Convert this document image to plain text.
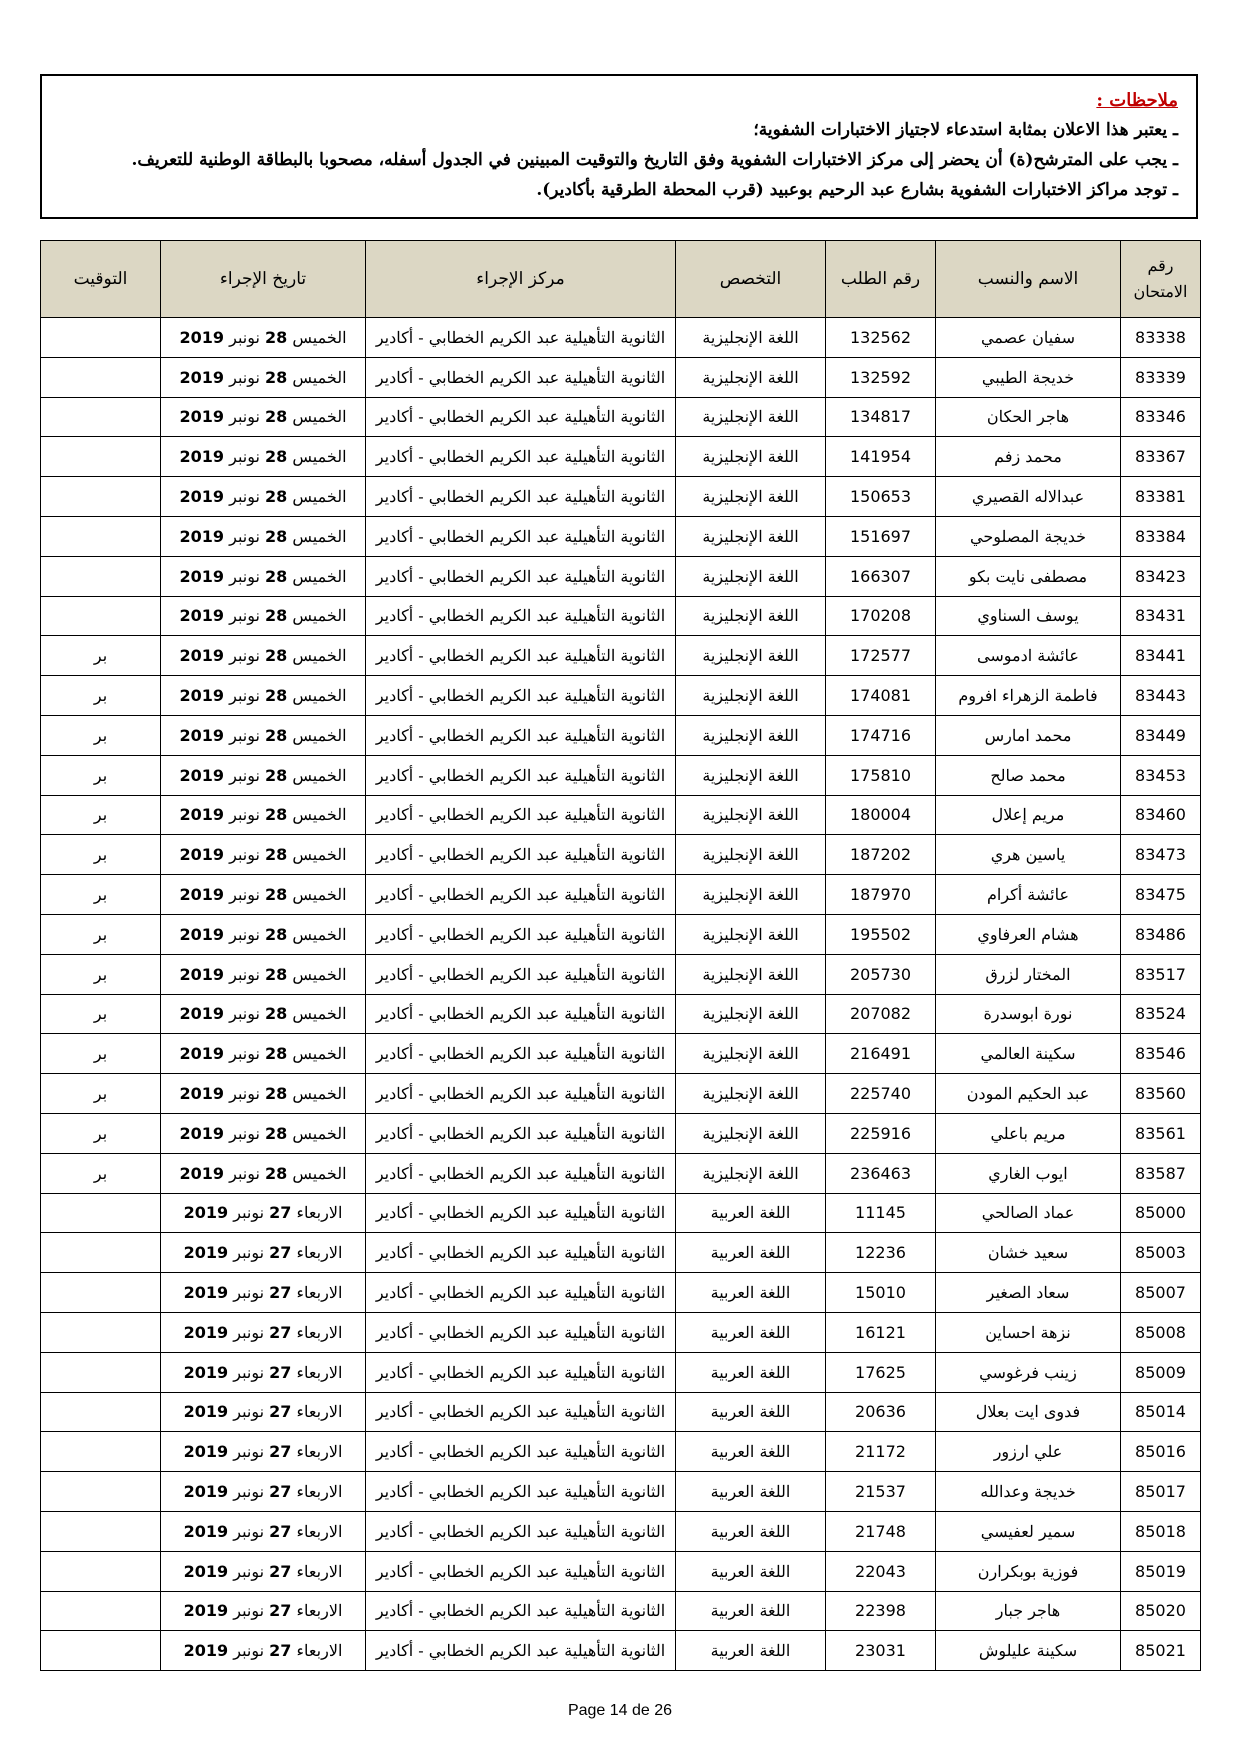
ملاحظات :

ـ يعتبر هذا الاعلان بمثابة استدعاء لاجتياز الاختبارات الشفوية؛

ـ يجب على المترشح(ة) أن يحضر إلى مركز الاختبارات الشفوية وفق التاريخ والتوقيت المبينين في الجدول أسفله، مصحوبا بالبطاقة الوطنية للتعريف.

ـ توجد مراكز الاختبارات الشفوية بشارع عبد الرحيم بوعبيد (قرب المحطة الطرقية بأكادير).

رقم
الامتحان	الاسم والنسب	رقم الطلب	التخصص	مركز الإجراء	تاريخ الإجراء	التوقيت
83338	سفيان عصمي	132562	اللغة الإنجليزية	الثانوية التأهيلية عبد الكريم الخطابي - أكادير	الخميس 28 نونبر 2019	
83339	خديجة الطيبي	132592	اللغة الإنجليزية	الثانوية التأهيلية عبد الكريم الخطابي - أكادير	الخميس 28 نونبر 2019	
83346	هاجر الحكان	134817	اللغة الإنجليزية	الثانوية التأهيلية عبد الكريم الخطابي - أكادير	الخميس 28 نونبر 2019	
83367	محمد زفم	141954	اللغة الإنجليزية	الثانوية التأهيلية عبد الكريم الخطابي - أكادير	الخميس 28 نونبر 2019	
83381	عبدالاله القصيري	150653	اللغة الإنجليزية	الثانوية التأهيلية عبد الكريم الخطابي - أكادير	الخميس 28 نونبر 2019	
83384	خديجة المصلوحي	151697	اللغة الإنجليزية	الثانوية التأهيلية عبد الكريم الخطابي - أكادير	الخميس 28 نونبر 2019	
83423	مصطفى نايت بكو	166307	اللغة الإنجليزية	الثانوية التأهيلية عبد الكريم الخطابي - أكادير	الخميس 28 نونبر 2019	
83431	يوسف السناوي	170208	اللغة الإنجليزية	الثانوية التأهيلية عبد الكريم الخطابي - أكادير	الخميس 28 نونبر 2019	
83441	عائشة ادموسى	172577	اللغة الإنجليزية	الثانوية التأهيلية عبد الكريم الخطابي - أكادير	الخميس 28 نونبر 2019	بر
83443	فاطمة الزهراء افروم	174081	اللغة الإنجليزية	الثانوية التأهيلية عبد الكريم الخطابي - أكادير	الخميس 28 نونبر 2019	بر
83449	محمد امارس	174716	اللغة الإنجليزية	الثانوية التأهيلية عبد الكريم الخطابي - أكادير	الخميس 28 نونبر 2019	بر
83453	محمد صالح	175810	اللغة الإنجليزية	الثانوية التأهيلية عبد الكريم الخطابي - أكادير	الخميس 28 نونبر 2019	بر
83460	مريم إعلال	180004	اللغة الإنجليزية	الثانوية التأهيلية عبد الكريم الخطابي - أكادير	الخميس 28 نونبر 2019	بر
83473	ياسين هري	187202	اللغة الإنجليزية	الثانوية التأهيلية عبد الكريم الخطابي - أكادير	الخميس 28 نونبر 2019	بر
83475	عائشة أكرام	187970	اللغة الإنجليزية	الثانوية التأهيلية عبد الكريم الخطابي - أكادير	الخميس 28 نونبر 2019	بر
83486	هشام العرفاوي	195502	اللغة الإنجليزية	الثانوية التأهيلية عبد الكريم الخطابي - أكادير	الخميس 28 نونبر 2019	بر
83517	المختار لزرق	205730	اللغة الإنجليزية	الثانوية التأهيلية عبد الكريم الخطابي - أكادير	الخميس 28 نونبر 2019	بر
83524	نورة ابوسدرة	207082	اللغة الإنجليزية	الثانوية التأهيلية عبد الكريم الخطابي - أكادير	الخميس 28 نونبر 2019	بر
83546	سكينة العالمي	216491	اللغة الإنجليزية	الثانوية التأهيلية عبد الكريم الخطابي - أكادير	الخميس 28 نونبر 2019	بر
83560	عبد الحكيم المودن	225740	اللغة الإنجليزية	الثانوية التأهيلية عبد الكريم الخطابي - أكادير	الخميس 28 نونبر 2019	بر
83561	مريم باعلي	225916	اللغة الإنجليزية	الثانوية التأهيلية عبد الكريم الخطابي - أكادير	الخميس 28 نونبر 2019	بر
83587	ايوب الغاري	236463	اللغة الإنجليزية	الثانوية التأهيلية عبد الكريم الخطابي - أكادير	الخميس 28 نونبر 2019	بر
85000	عماد الصالحي	11145	اللغة العربية	الثانوية التأهيلية عبد الكريم الخطابي - أكادير	الاربعاء 27 نونبر 2019	
85003	سعيد خشان	12236	اللغة العربية	الثانوية التأهيلية عبد الكريم الخطابي - أكادير	الاربعاء 27 نونبر 2019	
85007	سعاد الصغير	15010	اللغة العربية	الثانوية التأهيلية عبد الكريم الخطابي - أكادير	الاربعاء 27 نونبر 2019	
85008	نزهة احساين	16121	اللغة العربية	الثانوية التأهيلية عبد الكريم الخطابي - أكادير	الاربعاء 27 نونبر 2019	
85009	زينب فرغوسي	17625	اللغة العربية	الثانوية التأهيلية عبد الكريم الخطابي - أكادير	الاربعاء 27 نونبر 2019	
85014	فدوى ايت بعلال	20636	اللغة العربية	الثانوية التأهيلية عبد الكريم الخطابي - أكادير	الاربعاء 27 نونبر 2019	
85016	علي ارزور	21172	اللغة العربية	الثانوية التأهيلية عبد الكريم الخطابي - أكادير	الاربعاء 27 نونبر 2019	
85017	خديجة وعدالله	21537	اللغة العربية	الثانوية التأهيلية عبد الكريم الخطابي - أكادير	الاربعاء 27 نونبر 2019	
85018	سمير لعفيسي	21748	اللغة العربية	الثانوية التأهيلية عبد الكريم الخطابي - أكادير	الاربعاء 27 نونبر 2019	
85019	فوزية بوبكرارن	22043	اللغة العربية	الثانوية التأهيلية عبد الكريم الخطابي - أكادير	الاربعاء 27 نونبر 2019	
85020	هاجر جبار	22398	اللغة العربية	الثانوية التأهيلية عبد الكريم الخطابي - أكادير	الاربعاء 27 نونبر 2019	
85021	سكينة عليلوش	23031	اللغة العربية	الثانوية التأهيلية عبد الكريم الخطابي - أكادير	الاربعاء 27 نونبر 2019	
Page 14 de 26
